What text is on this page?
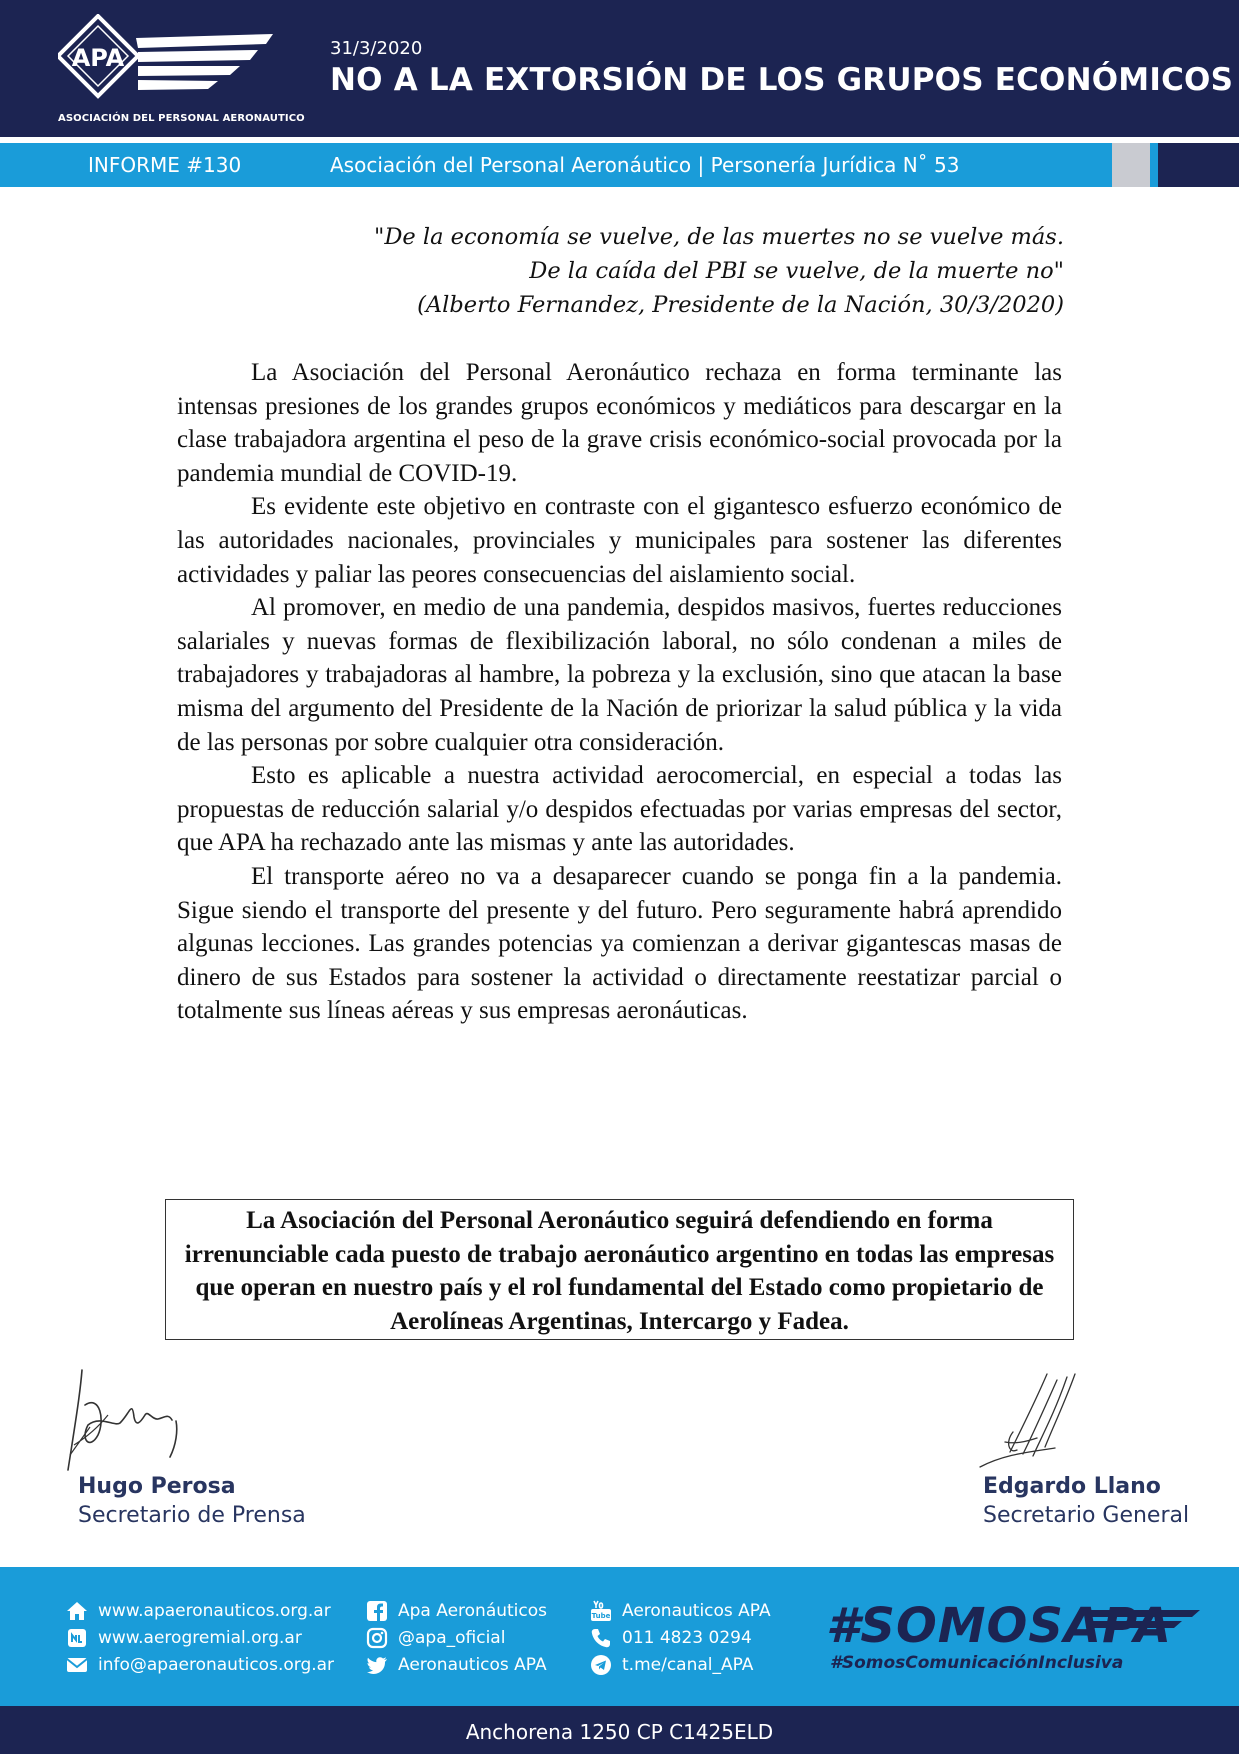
APA
ASOCIACIÓN DEL PERSONAL AERONAUTICO
31/3/2020
NO A LA EXTORSIÓN DE LOS GRUPOS ECONÓMICOS
INFORME #130	Asociación del Personal Aeronáutico | Personería Jurídica N˚ 53
"De la economía se vuelve, de las muertes no se vuelve más.
De la caída del PBI se vuelve, de la muerte no"
(Alberto Fernandez, Presidente de la Nación, 30/3/2020)

La Asociación del Personal Aeronáutico rechaza en forma terminante las intensas presiones de los grandes grupos económicos y mediáticos para descargar en la clase trabajadora argentina el peso de la grave crisis económico-social provocada por la pandemia mundial de COVID-19.

Es evidente este objetivo en contraste con el gigantesco esfuerzo económico de las autoridades nacionales, provinciales y municipales para sostener las diferentes actividades y paliar las peores consecuencias del aislamiento social.

Al promover, en medio de una pandemia, despidos masivos, fuertes reducciones salariales y nuevas formas de flexibilización laboral, no sólo condenan a miles de trabajadores y trabajadoras al hambre, la pobreza y la exclusión, sino que atacan la base misma del argumento del Presidente de la Nación de priorizar la salud pública y la vida de las personas por sobre cualquier otra consideración.

Esto es aplicable a nuestra actividad aerocomercial, en especial a todas las propuestas de reducción salarial y/o despidos efectuadas por varias empresas del sector, que APA ha rechazado ante las mismas y ante las autoridades.

El transporte aéreo no va a desaparecer cuando se ponga fin a la pandemia. Sigue siendo el transporte del presente y del futuro. Pero seguramente habrá aprendido algunas lecciones. Las grandes potencias ya comienzan a derivar gigantescas masas de dinero de sus Estados para sostener la actividad o directamente reestatizar parcial o totalmente sus líneas aéreas y sus empresas aeronáuticas.

La Asociación del Personal Aeronáutico seguirá defendiendo en forma irrenunciable cada puesto de trabajo aeronáutico argentino en todas las empresas que operan en nuestro país y el rol fundamental del Estado como propietario de Aerolíneas Argentinas, Intercargo y Fadea.
Hugo Perosa
Secretario de Prensa
Edgardo Llano
Secretario General
www.apaeronauticos.org.ar
www.aerogremial.org.ar
info@apaeronauticos.org.ar
Apa Aeronáuticos
@apa_oficial
Aeronauticos APA
Tube Aeronauticos APA
011 4823 0294
t.me/canal_APA
#SOMOSAPA
#SomosComunicaciónInclusiva
Anchorena 1250 CP C1425ELD
